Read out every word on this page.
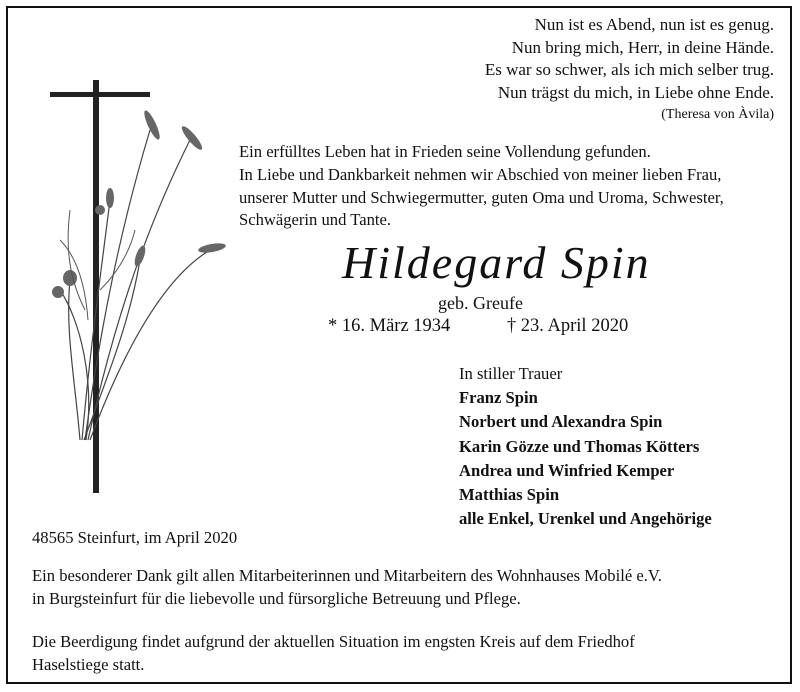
Nun ist es Abend, nun ist es genug.
Nun bring mich, Herr, in deine Hände.
Es war so schwer, als ich mich selber trug.
Nun trägst du mich, in Liebe ohne Ende.
(Theresa von Àvila)
Ein erfülltes Leben hat in Frieden seine Vollendung gefunden.
In Liebe und Dankbarkeit nehmen wir Abschied von meiner lieben Frau,
unserer Mutter und Schwiegermutter, guten Oma und Uroma, Schwester,
Schwägerin und Tante.
Hildegard Spin
geb. Greufe
* 16. März 1934	† 23. April 2020
In stiller Trauer
Franz Spin
Norbert und Alexandra Spin
Karin Gözze und Thomas Kötters
Andrea und Winfried Kemper
Matthias Spin
alle Enkel, Urenkel und Angehörige
48565 Steinfurt, im April 2020
Ein besonderer Dank gilt allen Mitarbeiterinnen und Mitarbeitern des Wohnhauses Mobilé e.V.
in Burgsteinfurt für die liebevolle und fürsorgliche Betreuung und Pflege.
Die Beerdigung findet aufgrund der aktuellen Situation im engsten Kreis auf dem Friedhof
Haselstiege statt.
